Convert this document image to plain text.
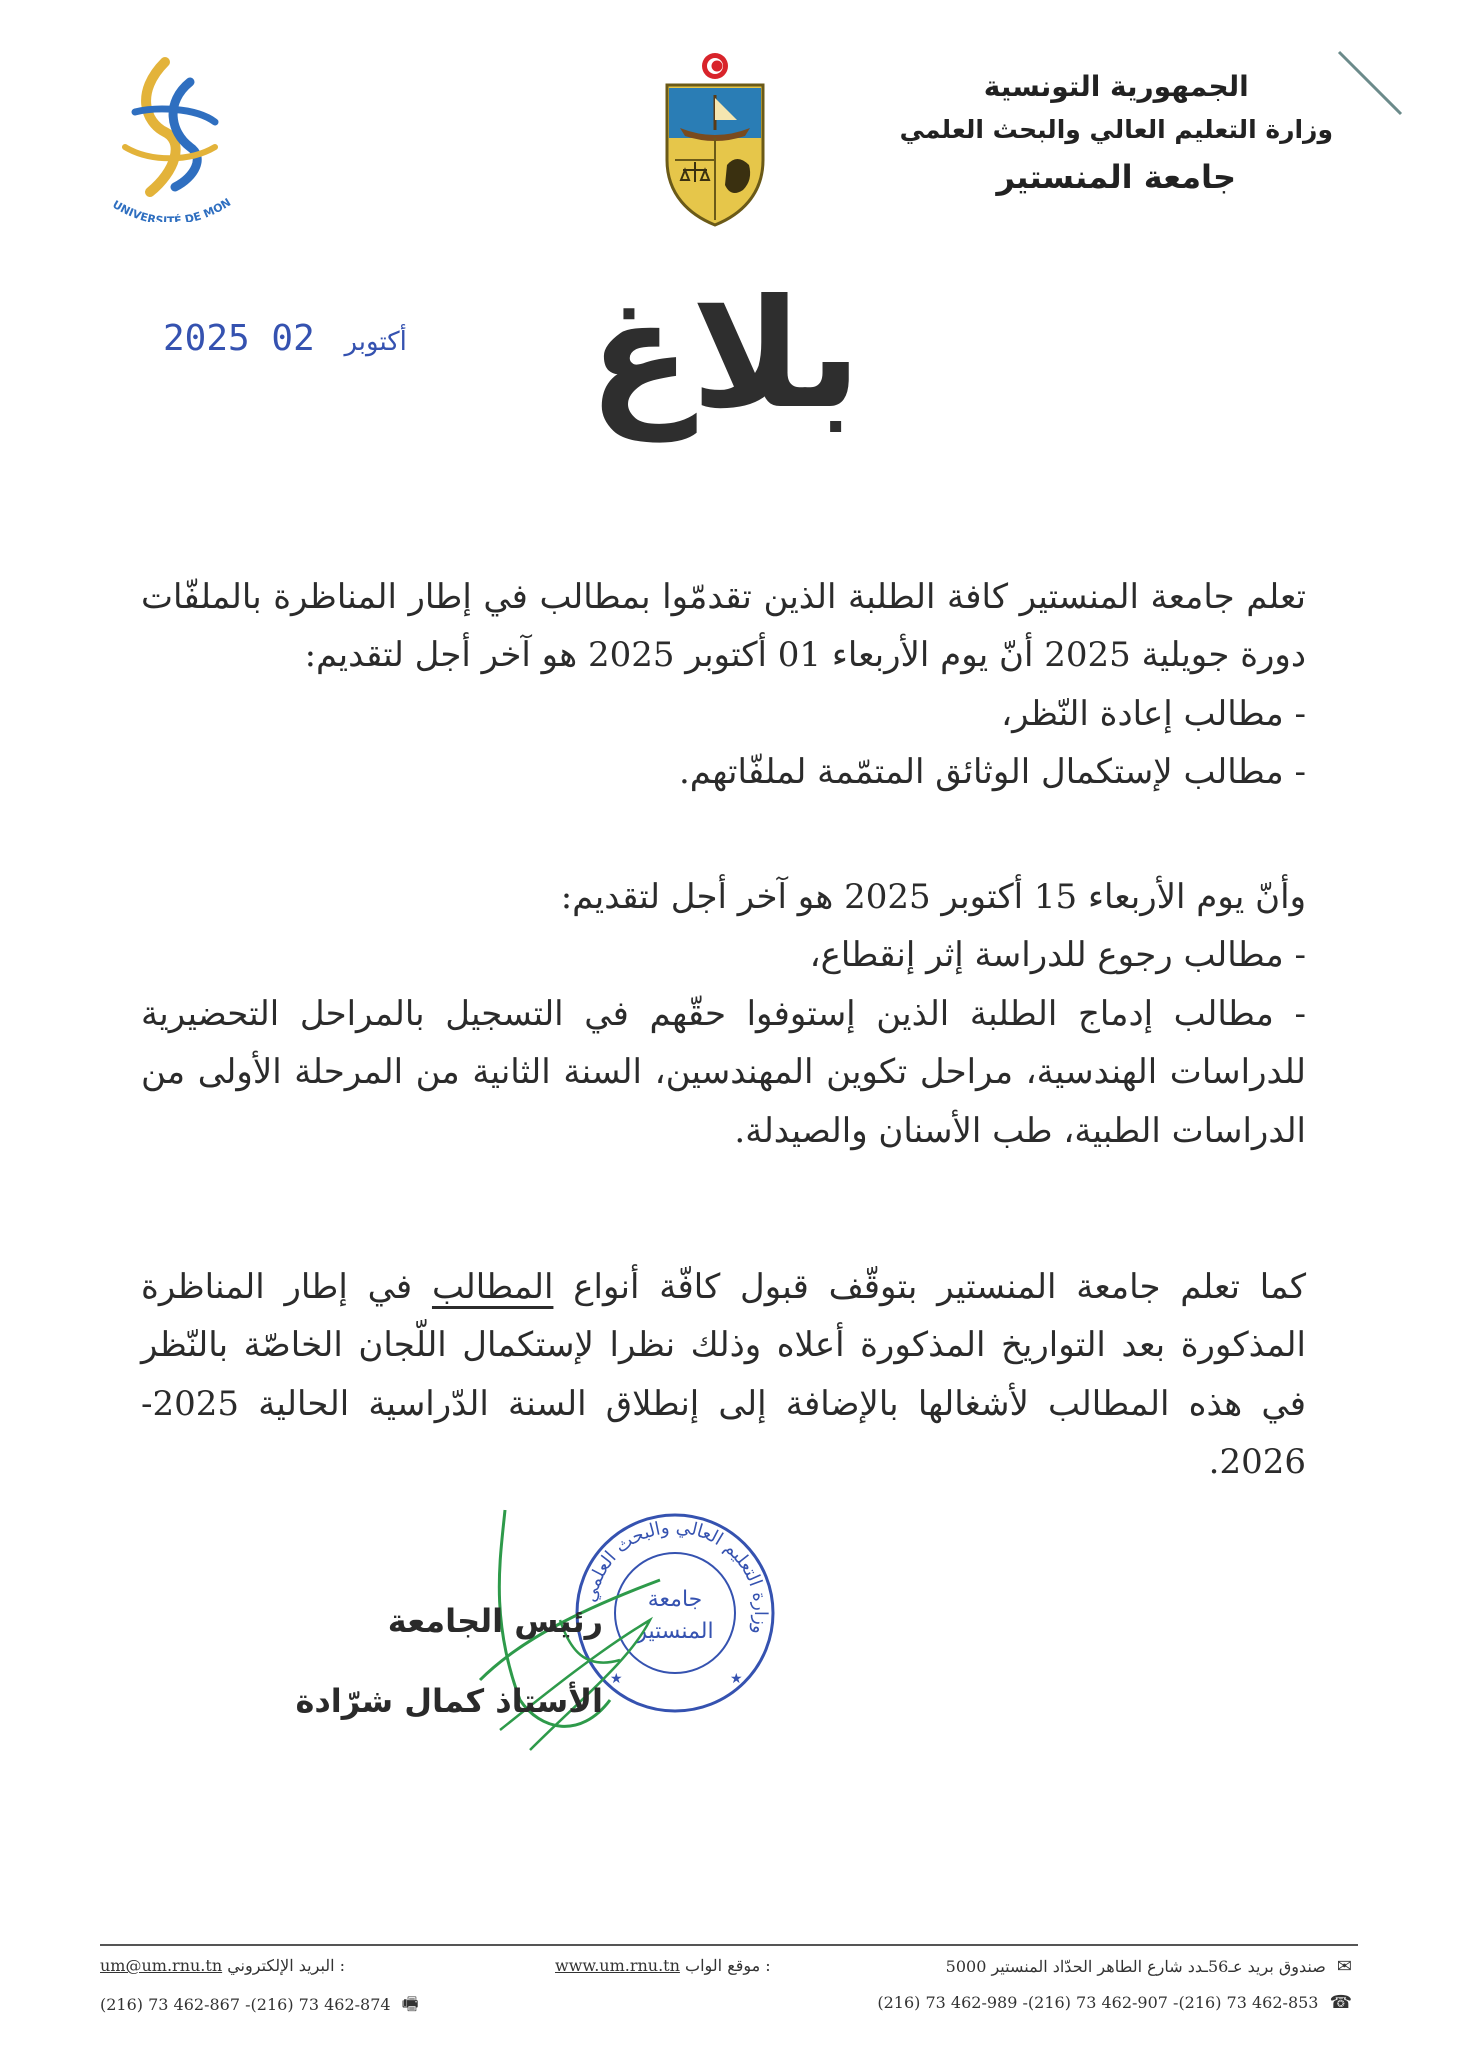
UNIVERSITÉ DE MON
الجمهورية التونسية
وزارة التعليم العالي والبحث العلمي
جامعة المنستير
2025	أكتوبر 02	بلاغ

تعلم جامعة المنستير كافة الطلبة الذين تقدمّوا بمطالب في إطار المناظرة بالملفّات دورة جويلية 2025 أنّ يوم الأربعاء 01 أكتوبر 2025 هو آخر أجل لتقديم:

- مطالب إعادة النّظر،

- مطالب لإستكمال الوثائق المتمّمة لملفّاتهم.

وأنّ يوم الأربعاء 15 أكتوبر 2025 هو آخر أجل لتقديم:

- مطالب رجوع للدراسة إثر إنقطاع،

- مطالب إدماج الطلبة الذين إستوفوا حقّهم في التسجيل بالمراحل التحضيرية للدراسات الهندسية، مراحل تكوين المهندسين، السنة الثانية من المرحلة الأولى من الدراسات الطبية، طب الأسنان والصيدلة.

كما تعلم جامعة المنستير بتوقّف قبول كافّة أنواع المطالب في إطار المناظرة المذكورة بعد التواريخ المذكورة أعلاه وذلك نظرا لإستكمال اللّجان الخاصّة بالنّظر في هذه المطالب لأشغالها بالإضافة إلى إنطلاق السنة الدّراسية الحالية 2025-2026.

وزارة التعليم العالي والبحث العلمي
جامعة
المنستير
★
★
رئيس الجامعة
الأستاذ كمال شرّادة
✉ صندوق بريد عـ56ـدد شارع الطاهر الحدّاد المنستير 5000
www.um.rnu.tn موقع الواب :
um@um.rnu.tn البريد الإلكتروني :
(216) 73 462-989 -(216) 73 462-907 -(216) 73 462-853 ☎
(216) 73 462-867 -(216) 73 462-874 🖷
